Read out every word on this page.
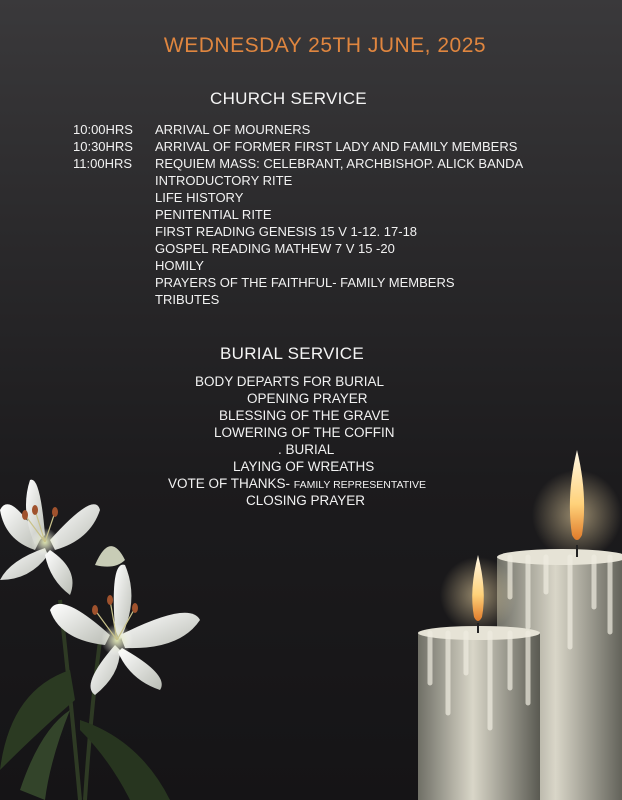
WEDNESDAY 25TH JUNE, 2025
CHURCH SERVICE
10:00HRS	ARRIVAL OF MOURNERS
10:30HRS	ARRIVAL OF FORMER FIRST LADY AND FAMILY MEMBERS
11:00HRS	REQUIEM MASS: CELEBRANT, ARCHBISHOP. ALICK BANDA
INTRODUCTORY RITE
LIFE HISTORY
PENITENTIAL RITE
FIRST READING GENESIS 15 V 1-12. 17-18
GOSPEL READING MATHEW 7 V 15 -20
HOMILY
PRAYERS OF THE FAITHFUL- FAMILY MEMBERS
TRIBUTES
BURIAL SERVICE
BODY DEPARTS FOR BURIAL
OPENING PRAYER
BLESSING OF THE GRAVE
LOWERING OF THE COFFIN
. BURIAL
LAYING OF WREATHS
VOTE OF THANKS- FAMILY REPRESENTATIVE
CLOSING PRAYER
